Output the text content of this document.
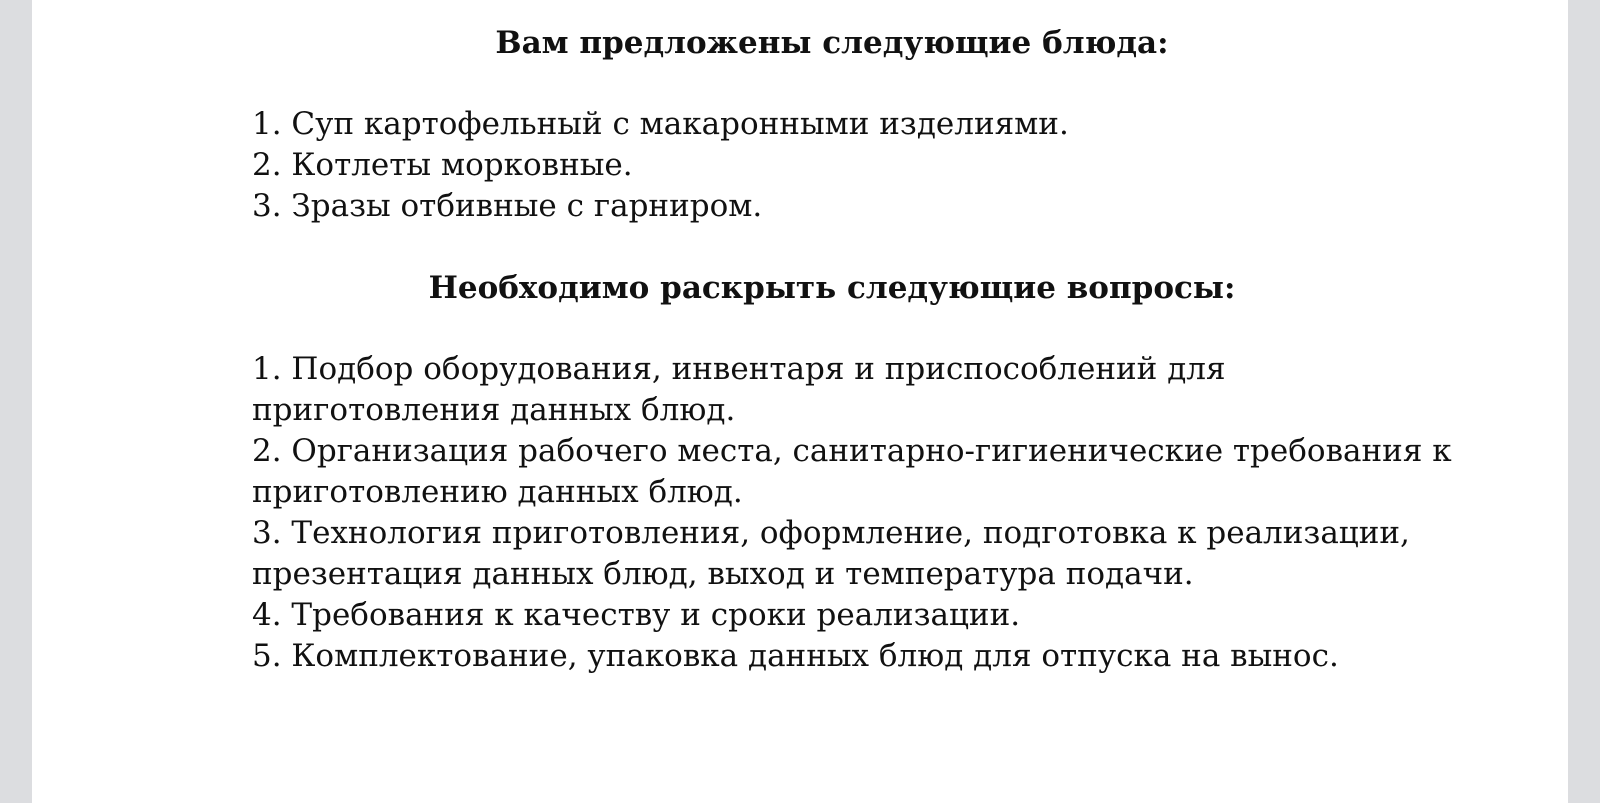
Вам предложены следующие блюда:
1. Суп картофельный с макаронными изделиями.
2. Котлеты морковные.
3. Зразы отбивные с гарниром.
Необходимо раскрыть следующие вопросы:
1. Подбор оборудования, инвентаря и приспособлений для приготовления данных блюд.
2. Организация рабочего места, санитарно-гигиенические требования к приготовлению данных блюд.
3. Технология приготовления, оформление, подготовка к реализации, презентация данных блюд, выход и температура подачи.
4. Требования к качеству и сроки реализации.
5. Комплектование, упаковка данных блюд для отпуска на вынос.
